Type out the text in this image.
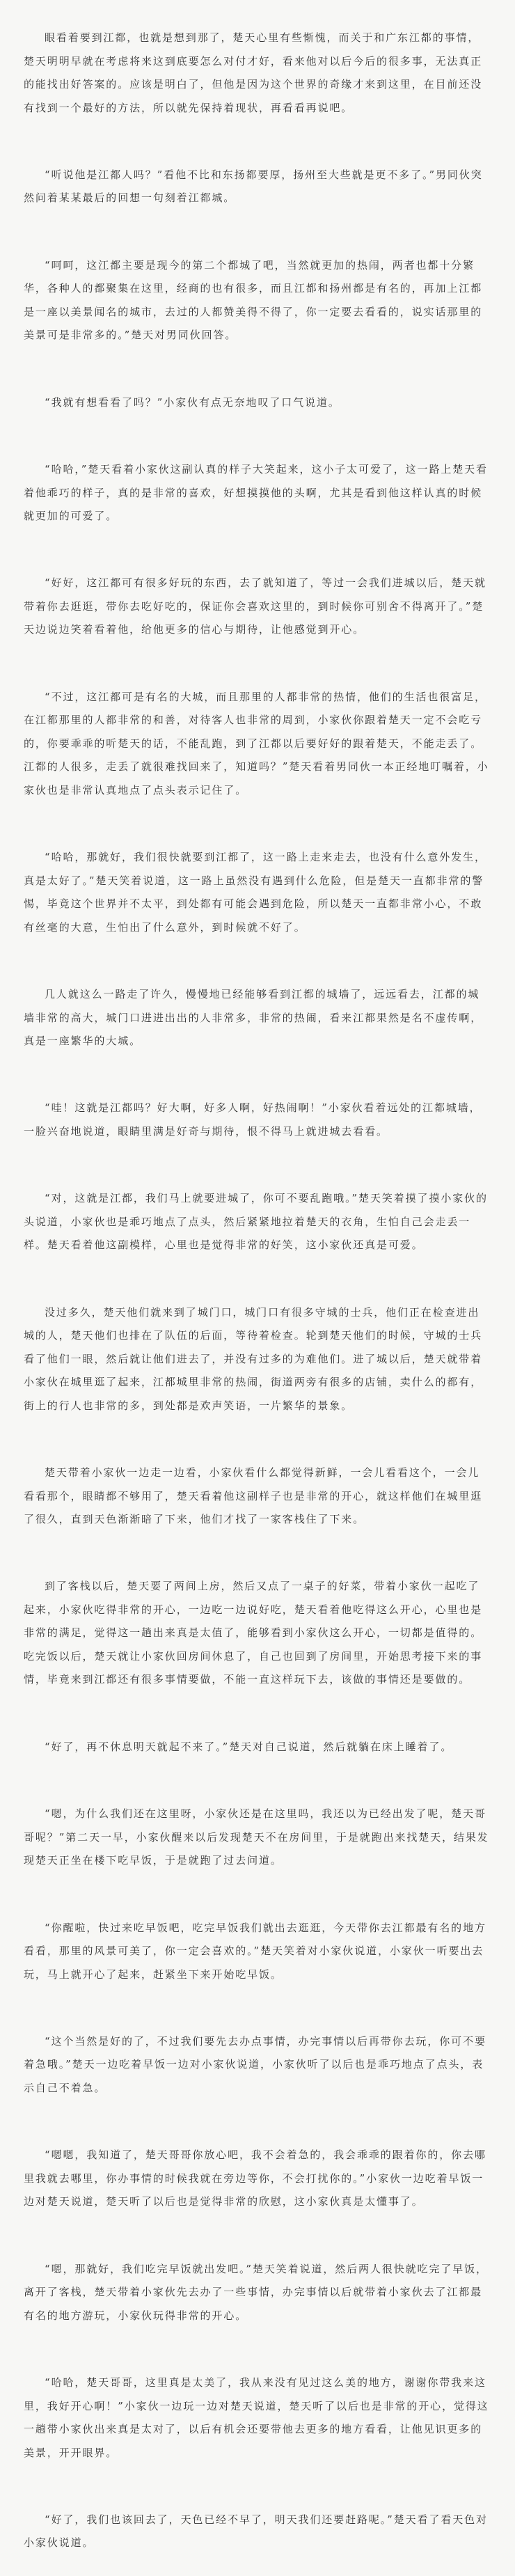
眼看着要到江都，也就是想到那了，楚天心里有些惭愧，而关于和广东江都的事情，楚天明明早就在考虑将来这到底要怎么对付才好，看来他对以后今后的很多事，无法真正的能找出好答案的。应该是明白了，但他是因为这个世界的奇缘才来到这里，在目前还没有找到一个最好的方法，所以就先保持着现状，再看看再说吧。

“听说他是江都人吗？”看他不比和东扬都要厚，扬州至大些就是更不多了。”男同伙突然问着某某最后的回想一句刻着江都城。

“呵呵，这江都主要是现今的第二个都城了吧，当然就更加的热闹，两者也都十分繁华，各种人的都聚集在这里，经商的也有很多，而且江都和扬州都是有名的，再加上江都是一座以美景闻名的城市，去过的人都赞美得不得了，你一定要去看看的，说实话那里的美景可是非常多的。”楚天对男同伙回答。

“我就有想看看了吗？”小家伙有点无奈地叹了口气说道。

“哈哈，”楚天看着小家伙这副认真的样子大笑起来，这小子太可爱了，这一路上楚天看着他乖巧的样子，真的是非常的喜欢，好想摸摸他的头啊，尤其是看到他这样认真的时候就更加的可爱了。

“好好，这江都可有很多好玩的东西，去了就知道了，等过一会我们进城以后，楚天就带着你去逛逛，带你去吃好吃的，保证你会喜欢这里的，到时候你可别舍不得离开了。”楚天边说边笑着看着他，给他更多的信心与期待，让他感觉到开心。

“不过，这江都可是有名的大城，而且那里的人都非常的热情，他们的生活也很富足，在江都那里的人都非常的和善，对待客人也非常的周到，小家伙你跟着楚天一定不会吃亏的，你要乖乖的听楚天的话，不能乱跑，到了江都以后要好好的跟着楚天，不能走丢了。江都的人很多，走丢了就很难找回来了，知道吗？”楚天看着男同伙一本正经地叮嘱着，小家伙也是非常认真地点了点头表示记住了。

“哈哈，那就好，我们很快就要到江都了，这一路上走来走去，也没有什么意外发生，真是太好了。”楚天笑着说道，这一路上虽然没有遇到什么危险，但是楚天一直都非常的警惕，毕竟这个世界并不太平，到处都有可能会遇到危险，所以楚天一直都非常小心，不敢有丝毫的大意，生怕出了什么意外，到时候就不好了。

几人就这么一路走了许久，慢慢地已经能够看到江都的城墙了，远远看去，江都的城墙非常的高大，城门口进进出出的人非常多，非常的热闹，看来江都果然是名不虚传啊，真是一座繁华的大城。

“哇！这就是江都吗？好大啊，好多人啊，好热闹啊！”小家伙看着远处的江都城墙，一脸兴奋地说道，眼睛里满是好奇与期待，恨不得马上就进城去看看。

“对，这就是江都，我们马上就要进城了，你可不要乱跑哦。”楚天笑着摸了摸小家伙的头说道，小家伙也是乖巧地点了点头，然后紧紧地拉着楚天的衣角，生怕自己会走丢一样。楚天看着他这副模样，心里也是觉得非常的好笑，这小家伙还真是可爱。

没过多久，楚天他们就来到了城门口，城门口有很多守城的士兵，他们正在检查进出城的人，楚天他们也排在了队伍的后面，等待着检查。轮到楚天他们的时候，守城的士兵看了他们一眼，然后就让他们进去了，并没有过多的为难他们。进了城以后，楚天就带着小家伙在城里逛了起来，江都城里非常的热闹，街道两旁有很多的店铺，卖什么的都有，街上的行人也非常的多，到处都是欢声笑语，一片繁华的景象。

楚天带着小家伙一边走一边看，小家伙看什么都觉得新鲜，一会儿看看这个，一会儿看看那个，眼睛都不够用了，楚天看着他这副样子也是非常的开心，就这样他们在城里逛了很久，直到天色渐渐暗了下来，他们才找了一家客栈住了下来。

到了客栈以后，楚天要了两间上房，然后又点了一桌子的好菜，带着小家伙一起吃了起来，小家伙吃得非常的开心，一边吃一边说好吃，楚天看着他吃得这么开心，心里也是非常的满足，觉得这一趟出来真是太值了，能够看到小家伙这么开心，一切都是值得的。吃完饭以后，楚天就让小家伙回房间休息了，自己也回到了房间里，开始思考接下来的事情，毕竟来到江都还有很多事情要做，不能一直这样玩下去，该做的事情还是要做的。

“好了，再不休息明天就起不来了。”楚天对自己说道，然后就躺在床上睡着了。

“嗯，为什么我们还在这里呀，小家伙还是在这里吗，我还以为已经出发了呢，楚天哥哥呢？”第二天一早，小家伙醒来以后发现楚天不在房间里，于是就跑出来找楚天，结果发现楚天正坐在楼下吃早饭，于是就跑了过去问道。

“你醒啦，快过来吃早饭吧，吃完早饭我们就出去逛逛，今天带你去江都最有名的地方看看，那里的风景可美了，你一定会喜欢的。”楚天笑着对小家伙说道，小家伙一听要出去玩，马上就开心了起来，赶紧坐下来开始吃早饭。

“这个当然是好的了，不过我们要先去办点事情，办完事情以后再带你去玩，你可不要着急哦。”楚天一边吃着早饭一边对小家伙说道，小家伙听了以后也是乖巧地点了点头，表示自己不着急。

“嗯嗯，我知道了，楚天哥哥你放心吧，我不会着急的，我会乖乖的跟着你的，你去哪里我就去哪里，你办事情的时候我就在旁边等你，不会打扰你的。”小家伙一边吃着早饭一边对楚天说道，楚天听了以后也是觉得非常的欣慰，这小家伙真是太懂事了。

“嗯，那就好，我们吃完早饭就出发吧。”楚天笑着说道，然后两人很快就吃完了早饭，离开了客栈，楚天带着小家伙先去办了一些事情，办完事情以后就带着小家伙去了江都最有名的地方游玩，小家伙玩得非常的开心。

“哈哈，楚天哥哥，这里真是太美了，我从来没有见过这么美的地方，谢谢你带我来这里，我好开心啊！”小家伙一边玩一边对楚天说道，楚天听了以后也是非常的开心，觉得这一趟带小家伙出来真是太对了，以后有机会还要带他去更多的地方看看，让他见识更多的美景，开开眼界。

“好了，我们也该回去了，天色已经不早了，明天我们还要赶路呢。”楚天看了看天色对小家伙说道。
